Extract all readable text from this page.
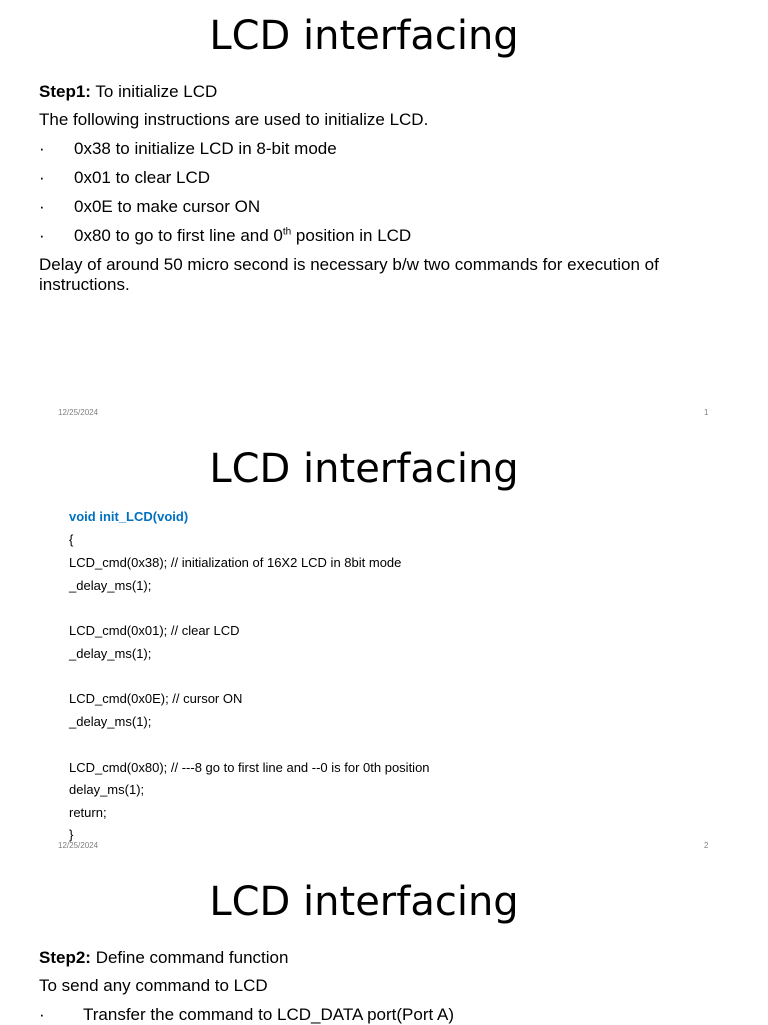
LCD interfacing
Step1: To initialize LCD
The following instructions are used to initialize LCD.
· 0x38 to initialize LCD in 8-bit mode
· 0x01 to clear LCD
· 0x0E to make cursor ON
· 0x80 to go to first line and 0th position in LCD
Delay of around 50 micro second is necessary b/w two commands for execution of instructions.
12/25/2024	1
LCD interfacing
void init_LCD(void)
{
LCD_cmd(0x38); // initialization of 16X2 LCD in 8bit mode
_delay_ms(1);
LCD_cmd(0x01); // clear LCD
_delay_ms(1);
LCD_cmd(0x0E); // cursor ON
_delay_ms(1);
LCD_cmd(0x80); // ---8 go to first line and --0 is for 0th position
delay_ms(1);
return;
}
12/25/2024	2
LCD interfacing
Step2: Define command function
To send any command to LCD
· Transfer the command to LCD_DATA port(Port A)
